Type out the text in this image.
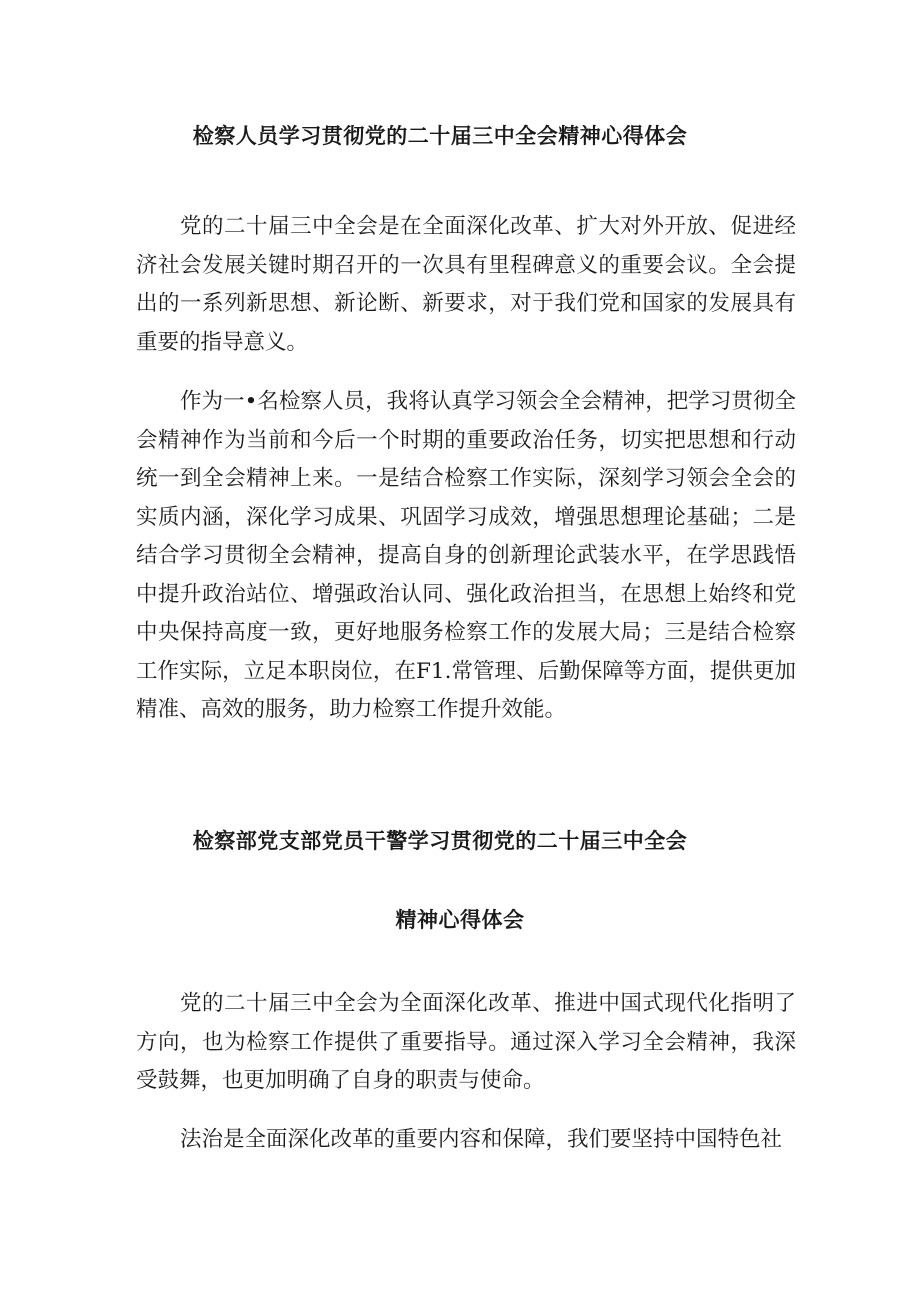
检察人员学习贯彻党的二十届三中全会精神心得体会

党的二十届三中全会是在全面深化改革、扩大对外开放、促进经济社会发展关键时期召开的一次具有里程碑意义的重要会议。全会提出的一系列新思想、新论断、新要求，对于我们党和国家的发展具有重要的指导意义。

作为一•名检察人员，我将认真学习领会全会精神，把学习贯彻全会精神作为当前和今后一个时期的重要政治任务，切实把思想和行动统一到全会精神上来。一是结合检察工作实际，深刻学习领会全会的实质内涵，深化学习成果、巩固学习成效，增强思想理论基础；二是结合学习贯彻全会精神，提高自身的创新理论武装水平，在学思践悟中提升政治站位、增强政治认同、强化政治担当，在思想上始终和党中央保持高度一致，更好地服务检察工作的发展大局；三是结合检察工作实际，立足本职岗位，在F1.常管理、后勤保障等方面，提供更加精准、高效的服务，助力检察工作提升效能。

检察部党支部党员干警学习贯彻党的二十届三中全会
精神心得体会

党的二十届三中全会为全面深化改革、推进中国式现代化指明了方向，也为检察工作提供了重要指导。通过深入学习全会精神，我深受鼓舞，也更加明确了自身的职责与使命。

法治是全面深化改革的重要内容和保障，我们要坚持中国特色社
